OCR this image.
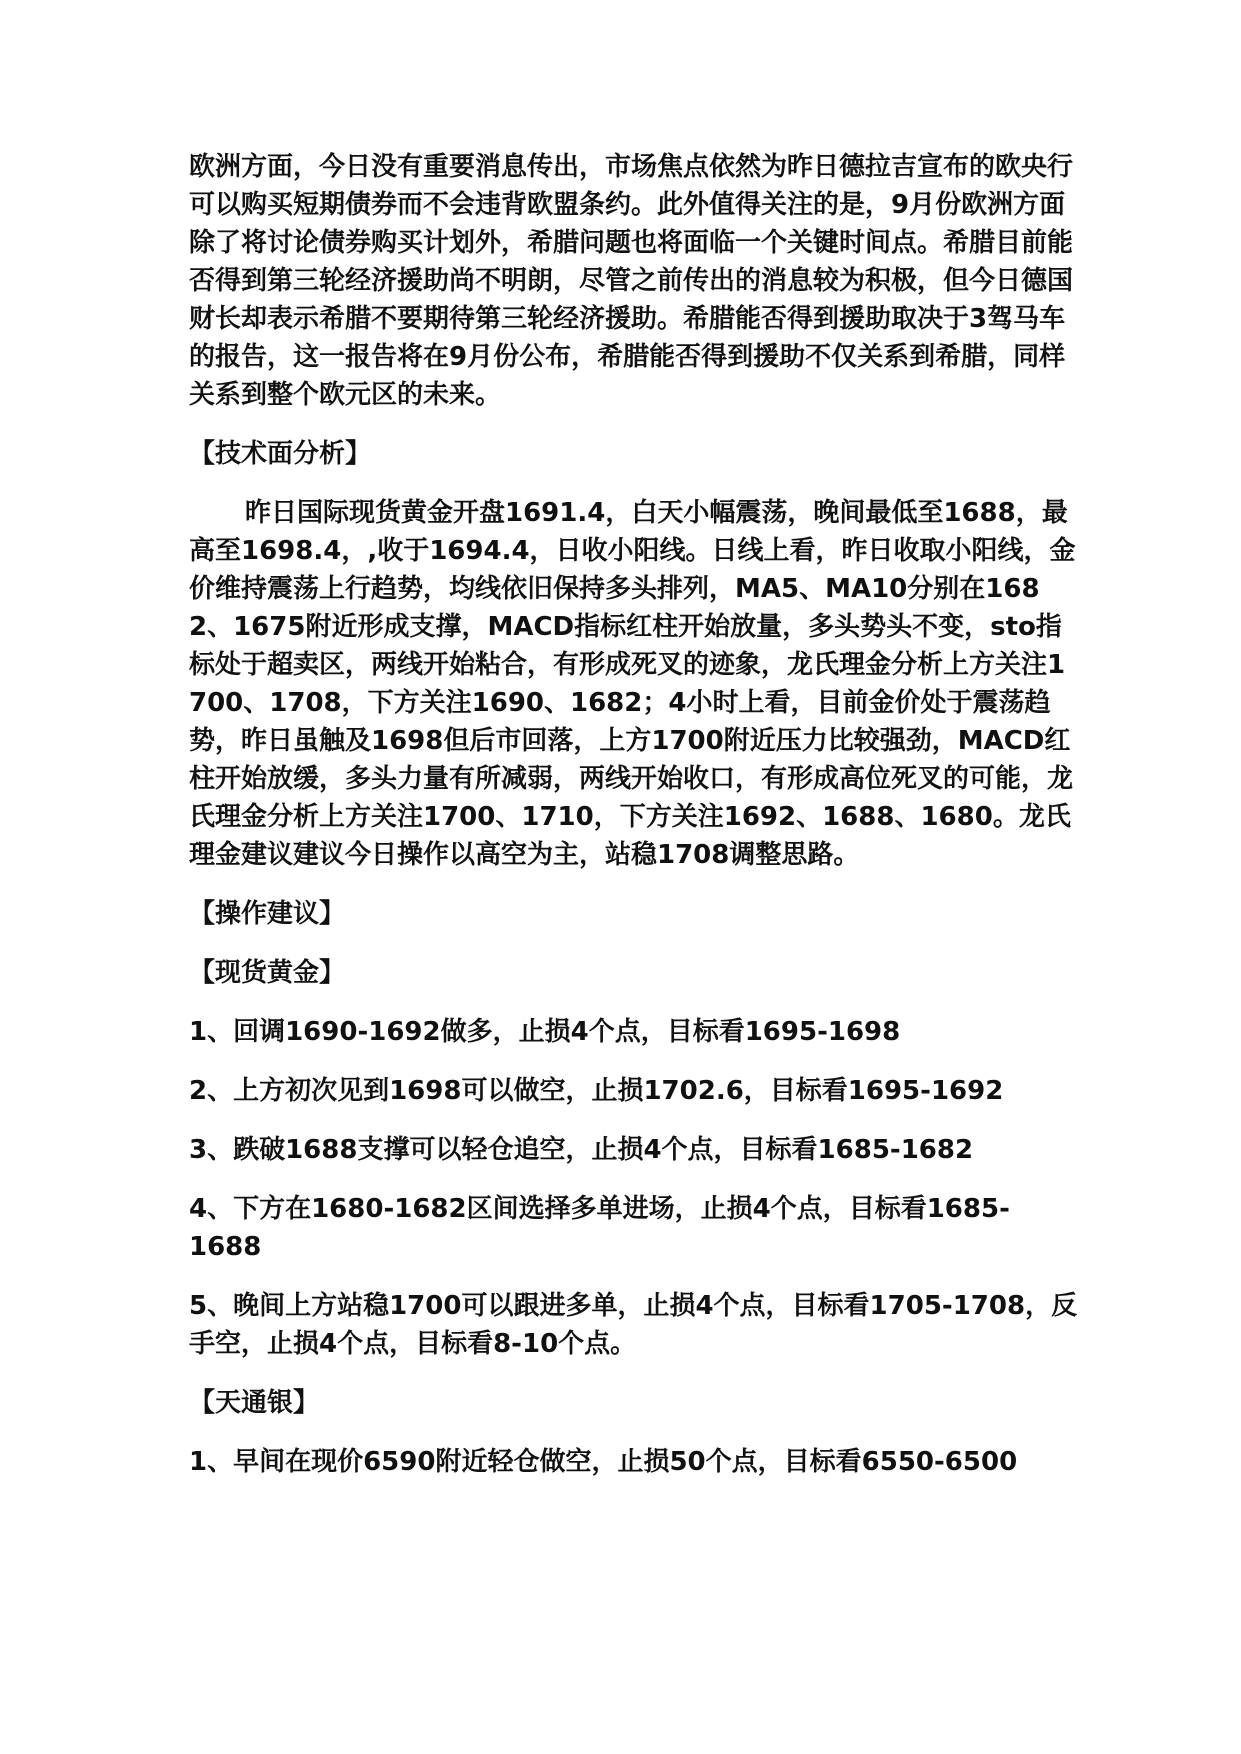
欧洲方面，今日没有重要消息传出，市场焦点依然为昨日德拉吉宣布的欧央行可以购买短期债券而不会违背欧盟条约。此外值得关注的是，9月份欧洲方面除了将讨论债券购买计划外，希腊问题也将面临一个关键时间点。希腊目前能否得到第三轮经济援助尚不明朗，尽管之前传出的消息较为积极，但今日德国财长却表示希腊不要期待第三轮经济援助。希腊能否得到援助取决于3驾马车的报告，这一报告将在9月份公布，希腊能否得到援助不仅关系到希腊，同样关系到整个欧元区的未来。

【技术面分析】

昨日国际现货黄金开盘1691.4，白天小幅震荡，晚间最低至1688，最高至1698.4，,收于1694.4，日收小阳线。日线上看，昨日收取小阳线，金价维持震荡上行趋势，均线依旧保持多头排列，MA5、MA10分别在1682、1675附近形成支撑，MACD指标红柱开始放量，多头势头不变，sto指标处于超卖区，两线开始粘合，有形成死叉的迹象，龙氏理金分析上方关注1700、1708，下方关注1690、1682；4小时上看，目前金价处于震荡趋势，昨日虽触及1698但后市回落，上方1700附近压力比较强劲，MACD红柱开始放缓，多头力量有所减弱，两线开始收口，有形成高位死叉的可能，龙氏理金分析上方关注1700、1710，下方关注1692、1688、1680。龙氏理金建议建议今日操作以高空为主，站稳1708调整思路。

【操作建议】

【现货黄金】

1、回调1690-1692做多，止损4个点，目标看1695-1698

2、上方初次见到1698可以做空，止损1702.6，目标看1695-1692

3、跌破1688支撑可以轻仓追空，止损4个点，目标看1685-1682

4、下方在1680-1682区间选择多单进场，止损4个点，目标看1685-1688

5、晚间上方站稳1700可以跟进多单，止损4个点，目标看1705-1708，反手空，止损4个点，目标看8-10个点。

【天通银】

1、早间在现价6590附近轻仓做空，止损50个点，目标看6550-6500
